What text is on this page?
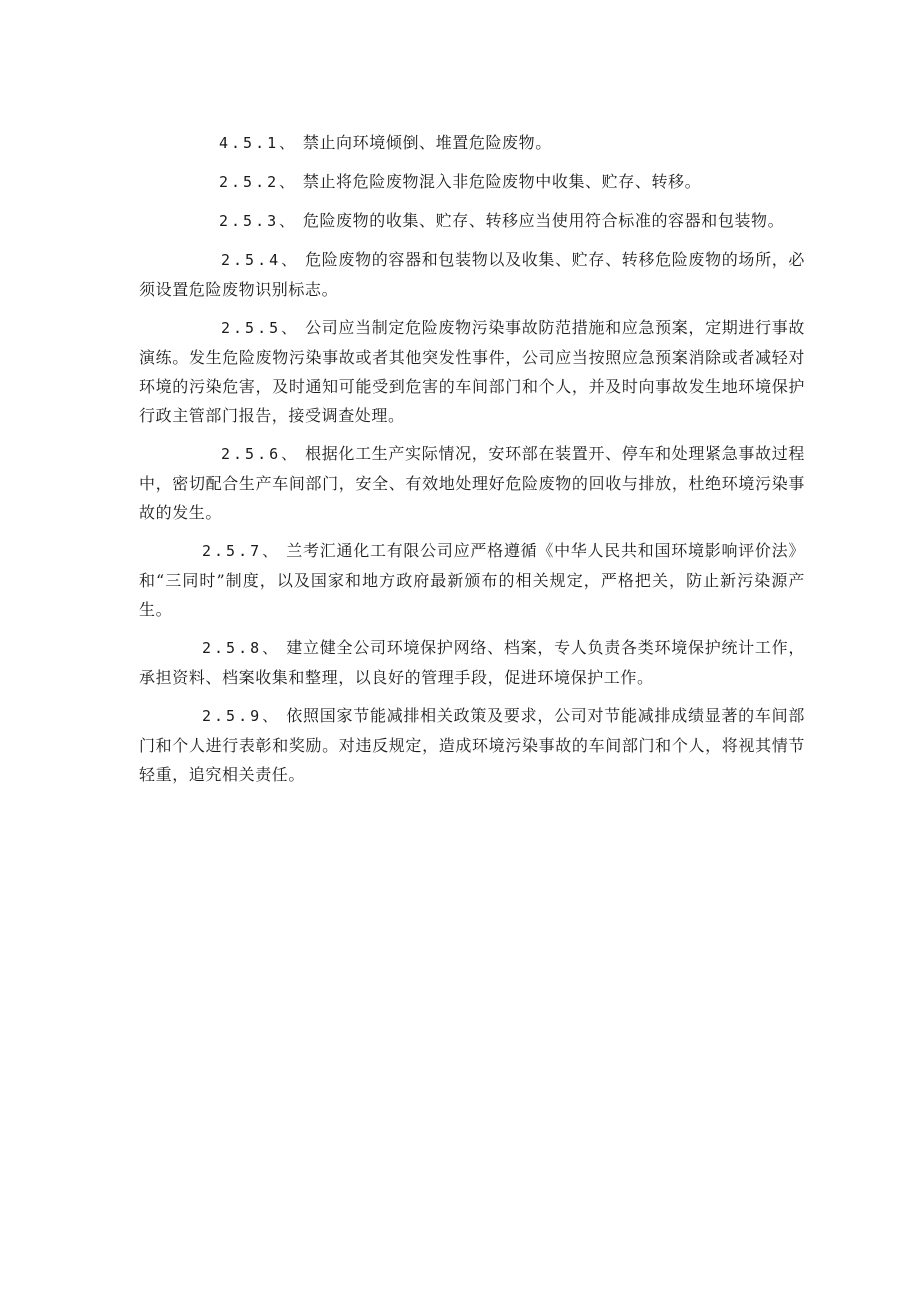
4.5.1、 禁止向环境倾倒、堆置危险废物。

2.5.2、 禁止将危险废物混入非危险废物中收集、贮存、转移。

2.5.3、 危险废物的收集、贮存、转移应当使用符合标准的容器和包装物。

2.5.4、 危险废物的容器和包装物以及收集、贮存、转移危险废物的场所，必须设置危险废物识别标志。

2.5.5、 公司应当制定危险废物污染事故防范措施和应急预案，定期进行事故演练。发生危险废物污染事故或者其他突发性事件，公司应当按照应急预案消除或者减轻对环境的污染危害，及时通知可能受到危害的车间部门和个人，并及时向事故发生地环境保护行政主管部门报告，接受调查处理。

2.5.6、 根据化工生产实际情况，安环部在装置开、停车和处理紧急事故过程中，密切配合生产车间部门，安全、有效地处理好危险废物的回收与排放，杜绝环境污染事故的发生。

2.5.7、 兰考汇通化工有限公司应严格遵循《中华人民共和国环境影响评价法》和“三同时”制度，以及国家和地方政府最新颁布的相关规定，严格把关，防止新污染源产生。

2.5.8、 建立健全公司环境保护网络、档案，专人负责各类环境保护统计工作，承担资料、档案收集和整理，以良好的管理手段，促进环境保护工作。

2.5.9、 依照国家节能减排相关政策及要求，公司对节能减排成绩显著的车间部门和个人进行表彰和奖励。对违反规定，造成环境污染事故的车间部门和个人，将视其情节轻重，追究相关责任。
